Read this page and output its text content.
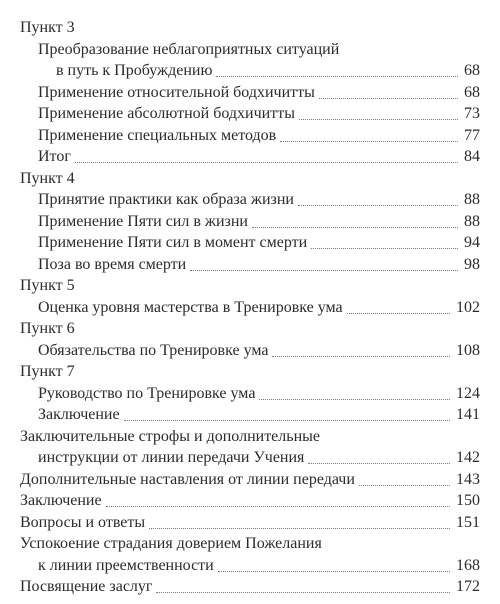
Пункт 3
Преобразование неблагоприятных ситуаций
в путь к Пробуждению	68
Применение относительной бодхичитты	68
Применение абсолютной бодхичитты	73
Применение специальных методов	77
Итог	84
Пункт 4
Принятие практики как образа жизни	88
Применение Пяти сил в жизни	88
Применение Пяти сил в момент смерти	94
Поза во время смерти	98
Пункт 5
Оценка уровня мастерства в Тренировке ума	102
Пункт 6
Обязательства по Тренировке ума	108
Пункт 7
Руководство по Тренировке ума	124
Заключение	141
Заключительные строфы и дополнительные
инструкции от линии передачи Учения	142
Дополнительные наставления от линии передачи	143
Заключение	150
Вопросы и ответы	151
Успокоение страдания доверием Пожелания
к линии преемственности	168
Посвящение заслуг	172
